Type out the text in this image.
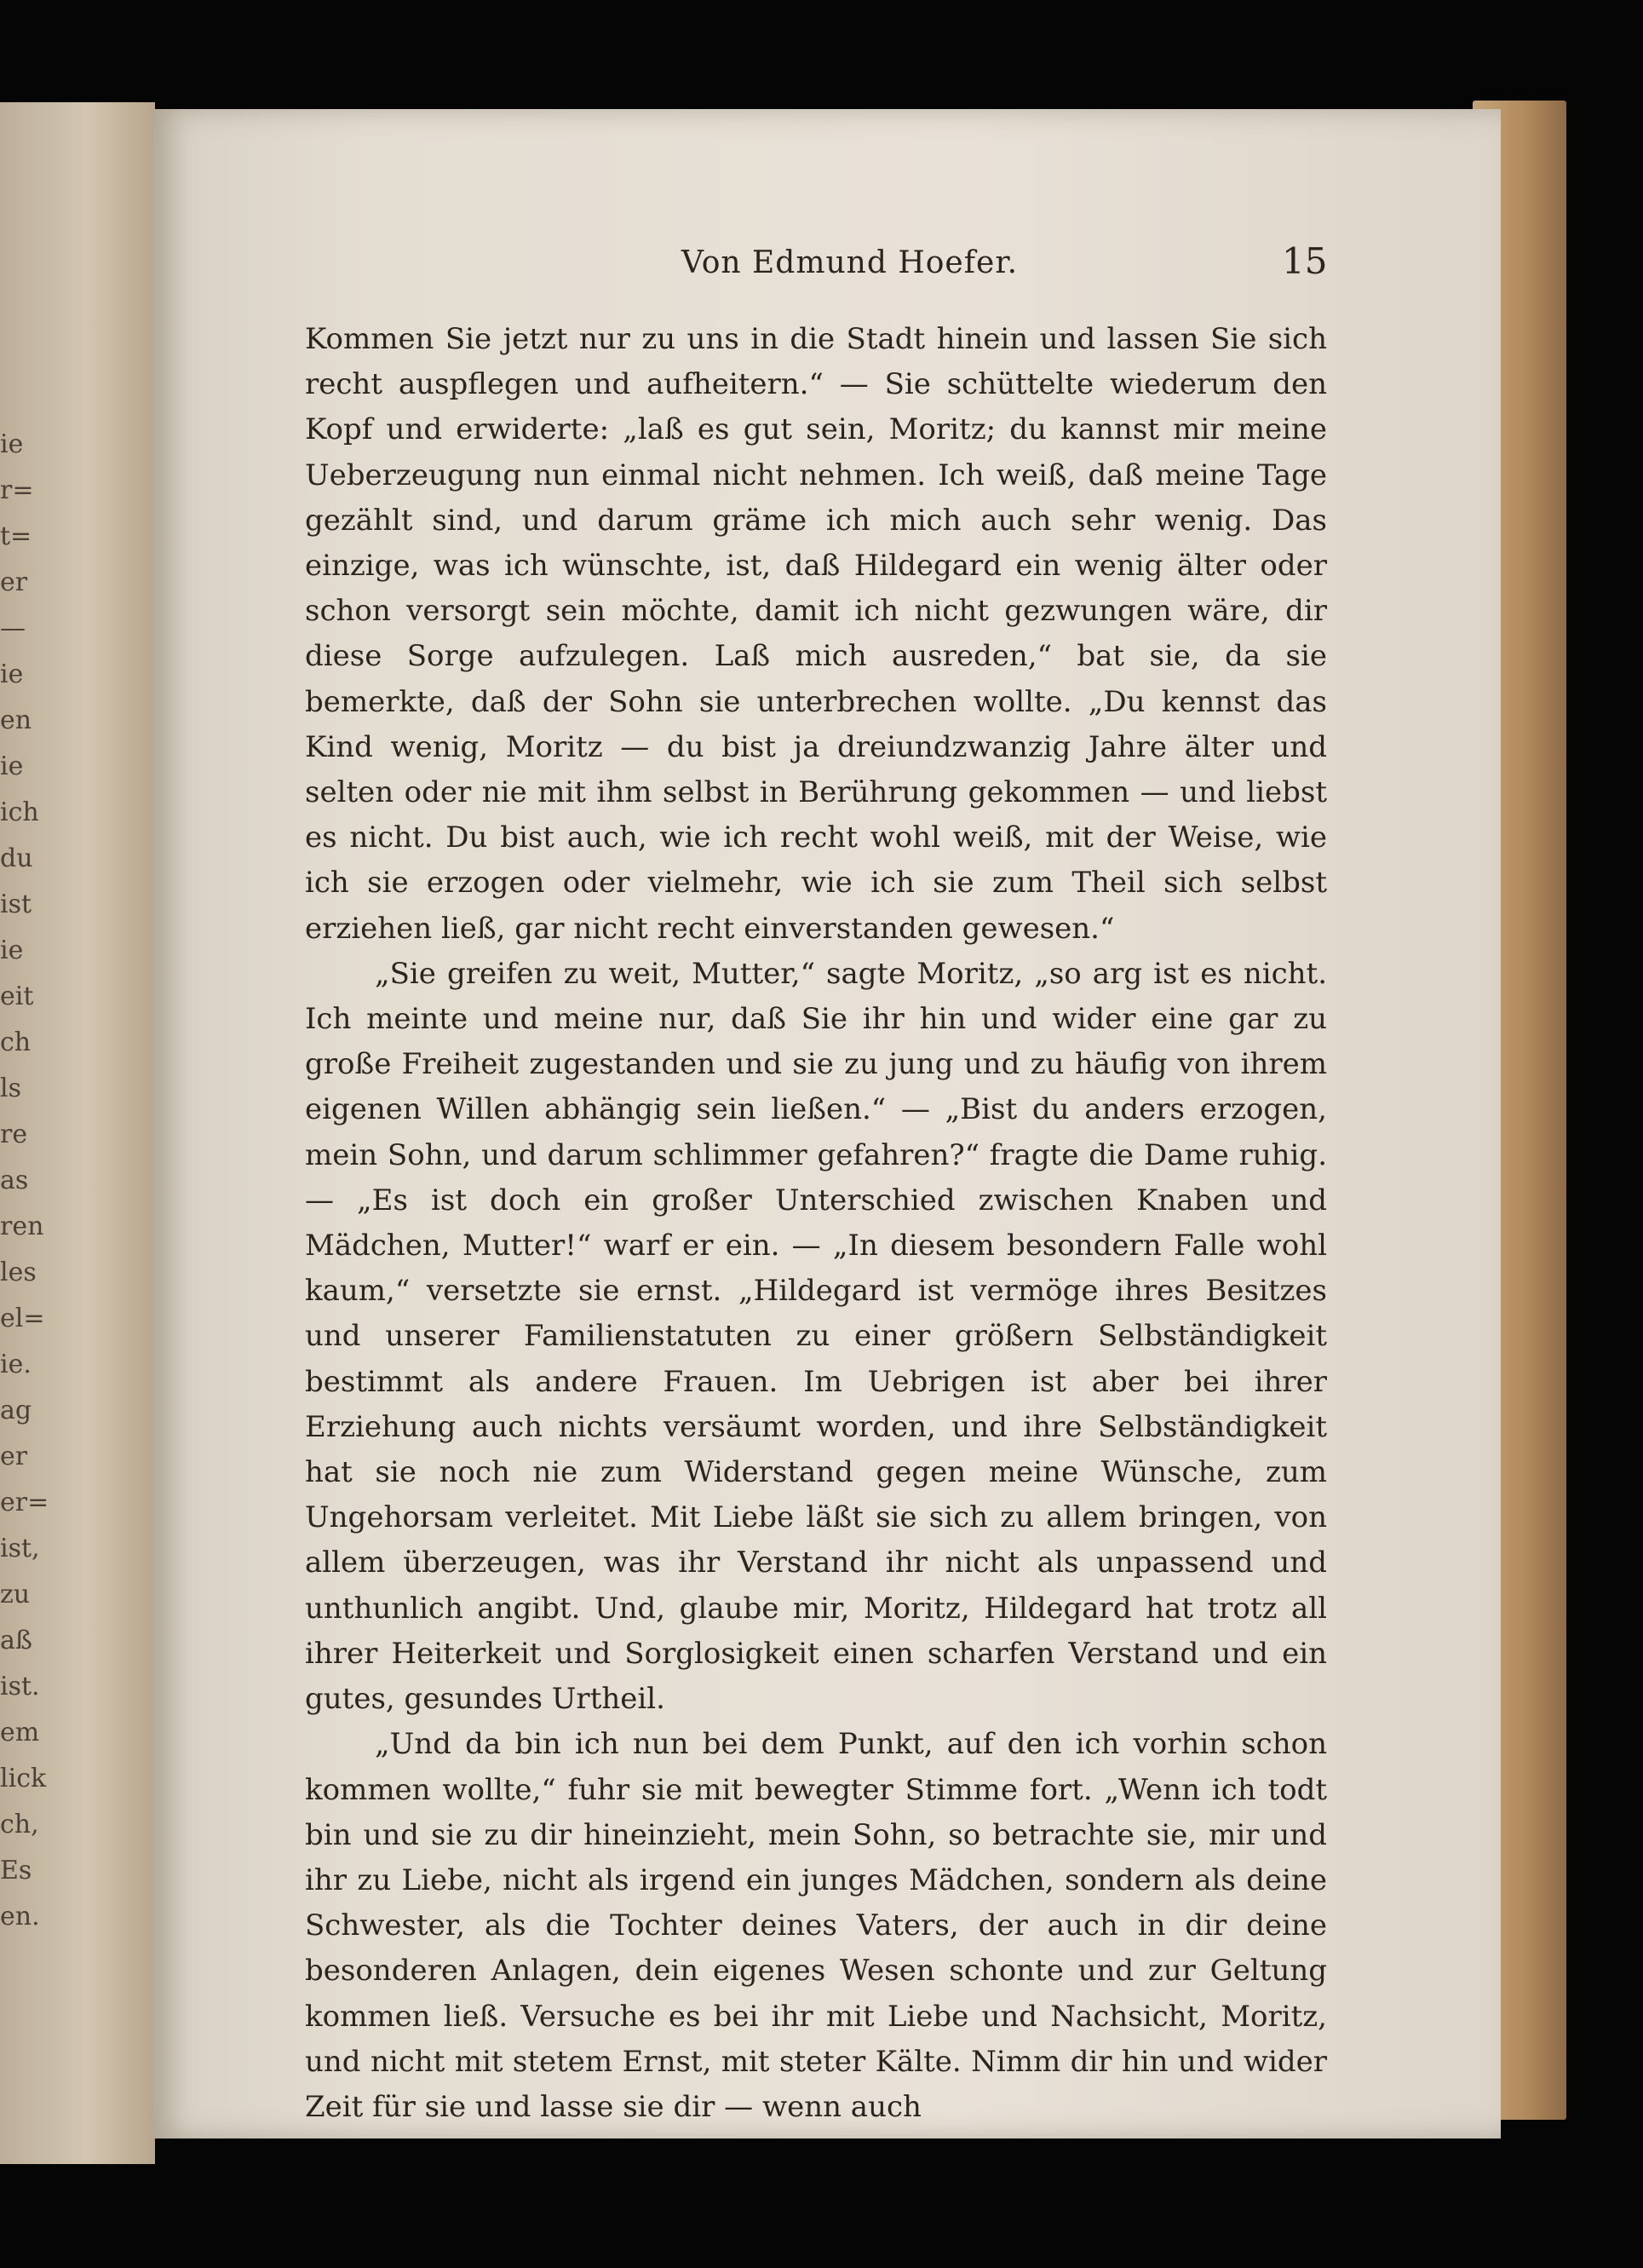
ie
r=
t=
er
—
ie
en
ie
ich
du
ist
ie
eit
ch
ls
re
as
ren
les
el=
ie.
ag
er
er=
ist,
zu
aß
ist.
em
lick
ch,
Es
en.
Von Edmund Hoefer.	15

Kommen Sie jetzt nur zu uns in die Stadt hinein und lassen Sie sich recht auspflegen und aufheitern.“ — Sie schüttelte wiederum den Kopf und erwiderte: „laß es gut sein, Moritz; du kannst mir meine Ueberzeugung nun einmal nicht nehmen. Ich weiß, daß meine Tage gezählt sind, und darum gräme ich mich auch sehr wenig. Das einzige, was ich wünschte, ist, daß Hildegard ein wenig älter oder schon versorgt sein möchte, damit ich nicht gezwungen wäre, dir diese Sorge aufzulegen. Laß mich ausreden,“ bat sie, da sie bemerkte, daß der Sohn sie unterbrechen wollte. „Du kennst das Kind wenig, Moritz — du bist ja dreiundzwanzig Jahre älter und selten oder nie mit ihm selbst in Berührung gekommen — und liebst es nicht. Du bist auch, wie ich recht wohl weiß, mit der Weise, wie ich sie erzogen oder vielmehr, wie ich sie zum Theil sich selbst erziehen ließ, gar nicht recht einverstanden gewesen.“

„Sie greifen zu weit, Mutter,“ sagte Moritz, „so arg ist es nicht. Ich meinte und meine nur, daß Sie ihr hin und wider eine gar zu große Freiheit zugestanden und sie zu jung und zu häufig von ihrem eigenen Willen abhängig sein ließen.“ — „Bist du anders erzogen, mein Sohn, und darum schlimmer gefahren?“ fragte die Dame ruhig. — „Es ist doch ein großer Unterschied zwischen Knaben und Mädchen, Mutter!“ warf er ein. — „In diesem besondern Falle wohl kaum,“ versetzte sie ernst. „Hildegard ist vermöge ihres Besitzes und unserer Familienstatuten zu einer größern Selbständigkeit bestimmt als andere Frauen. Im Uebrigen ist aber bei ihrer Erziehung auch nichts versäumt worden, und ihre Selbständigkeit hat sie noch nie zum Widerstand gegen meine Wünsche, zum Ungehorsam verleitet. Mit Liebe läßt sie sich zu allem bringen, von allem überzeugen, was ihr Verstand ihr nicht als unpassend und unthunlich angibt. Und, glaube mir, Moritz, Hildegard hat trotz all ihrer Heiterkeit und Sorglosigkeit einen scharfen Verstand und ein gutes, gesundes Urtheil.

„Und da bin ich nun bei dem Punkt, auf den ich vorhin schon kommen wollte,“ fuhr sie mit bewegter Stimme fort. „Wenn ich todt bin und sie zu dir hineinzieht, mein Sohn, so betrachte sie, mir und ihr zu Liebe, nicht als irgend ein junges Mädchen, sondern als deine Schwester, als die Tochter deines Vaters, der auch in dir deine besonderen Anlagen, dein eigenes Wesen schonte und zur Geltung kommen ließ. Versuche es bei ihr mit Liebe und Nachsicht, Moritz, und nicht mit stetem Ernst, mit steter Kälte. Nimm dir hin und wider Zeit für sie und lasse sie dir — wenn auch
